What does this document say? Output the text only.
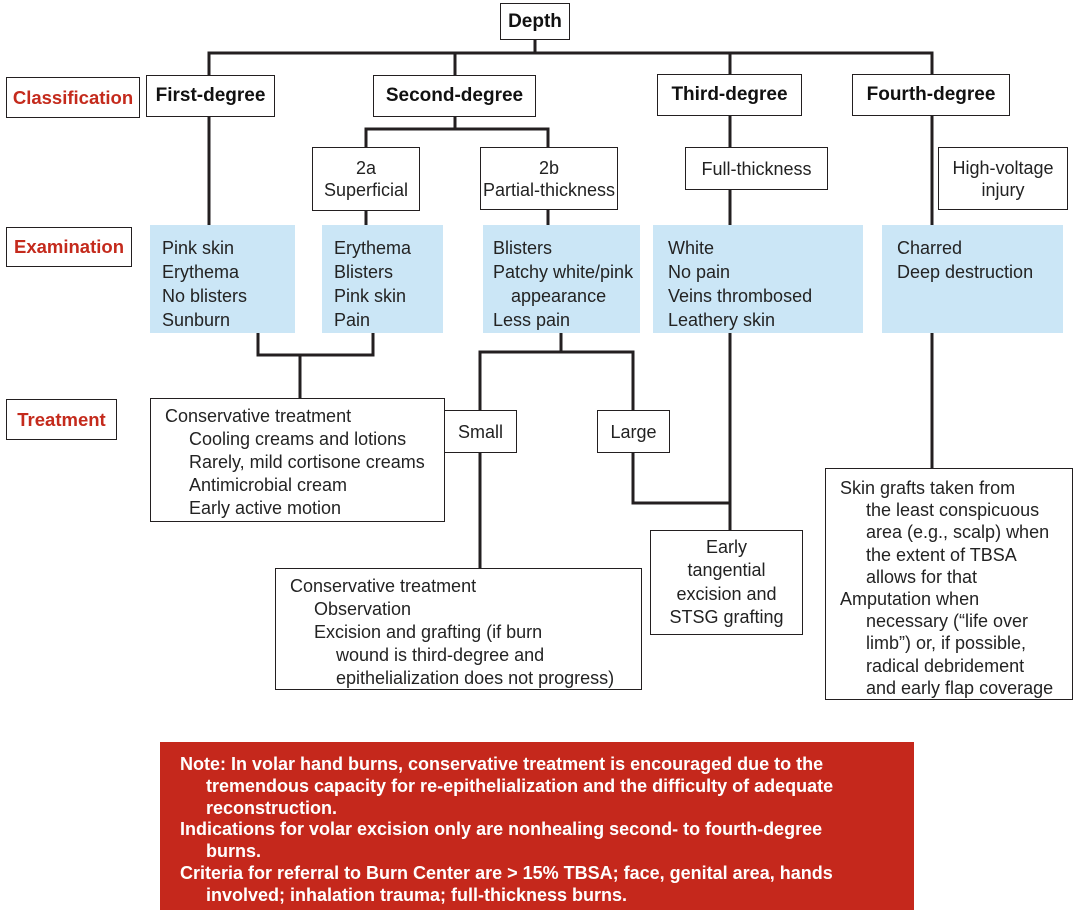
Depth
Classification
Examination
Treatment
First-degree	Second-degree	Third-degree	Fourth-degree
2a
Superficial
2b
Partial-thickness
Full-thickness	High-voltage
injury
Pink skin
Erythema
No blisters
Sunburn
Erythema
Blisters
Pink skin
Pain
Blisters
Patchy white/pink
appearance
Less pain
White
No pain
Veins thrombosed
Leathery skin
Charred
Deep destruction
Conservative treatment
Cooling creams and lotions
Rarely, mild cortisone creams
Antimicrobial cream
Early active motion
Small	Large
Conservative treatment
Observation
Excision and grafting (if burn
wound is third-degree and
epithelialization does not progress)
Early
tangential
excision and
STSG grafting
Skin grafts taken from
the least conspicuous
area (e.g., scalp) when
the extent of TBSA
allows for that
Amputation when
necessary (“life over
limb”) or, if possible,
radical debridement
and early flap coverage
Note: In volar hand burns, conservative treatment is encouraged due to the
tremendous capacity for re-epithelialization and the difficulty of adequate
reconstruction.
Indications for volar excision only are nonhealing second- to fourth-degree
burns.
Criteria for referral to Burn Center are > 15% TBSA; face, genital area, hands
involved; inhalation trauma; full-thickness burns.
